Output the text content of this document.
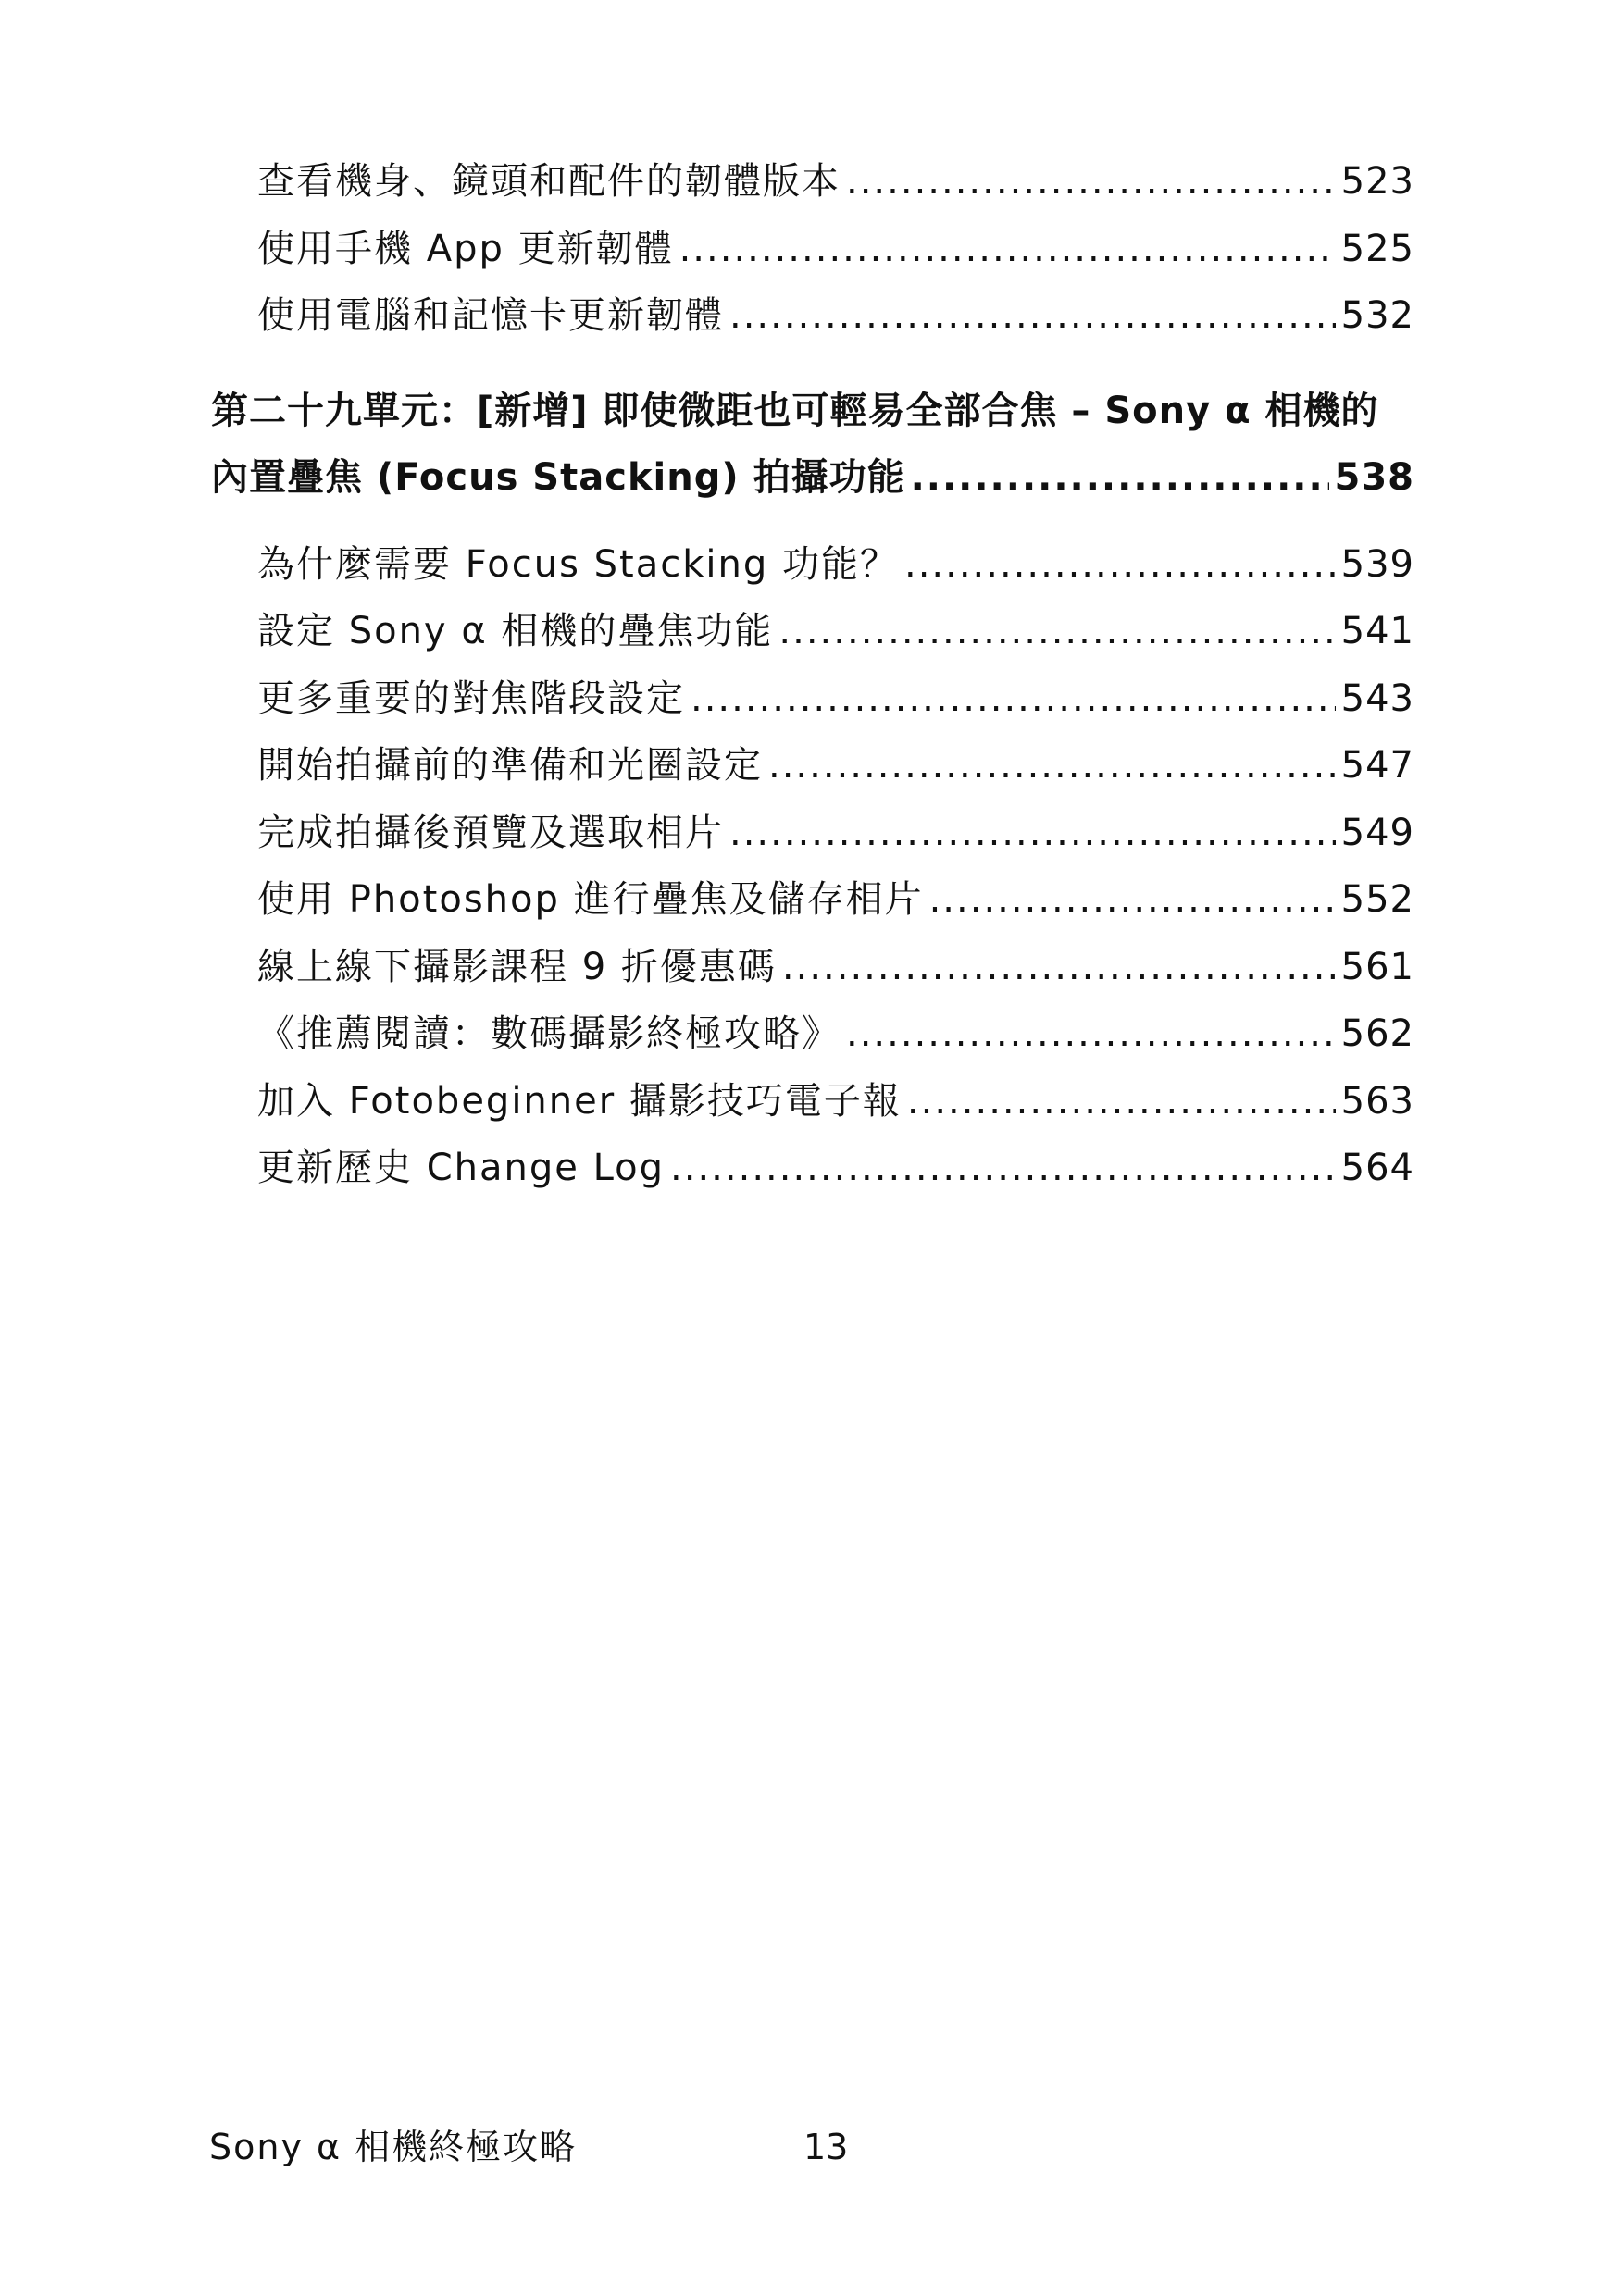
查看機身、鏡頭和配件的韌體版本 .....	523
使用手機 App 更新韌體 .....	525
使用電腦和記憶卡更新韌體 .....	532
第二十九單元：[新增] 即使微距也可輕易全部合焦 – Sony α 相機的
內置疊焦 (Focus Stacking) 拍攝功能 .....	538
為什麼需要 Focus Stacking 功能？ .....	539
設定 Sony α 相機的疊焦功能 .....	541
更多重要的對焦階段設定 .....	543
開始拍攝前的準備和光圈設定 .....	547
完成拍攝後預覽及選取相片 .....	549
使用 Photoshop 進行疊焦及儲存相片 .....	552
線上線下攝影課程 9 折優惠碼 .....	561
《推薦閱讀：數碼攝影終極攻略》 .....	562
加入 Fotobeginner 攝影技巧電子報 .....	563
更新歷史 Change Log .....	564
Sony α 相機終極攻略	13
